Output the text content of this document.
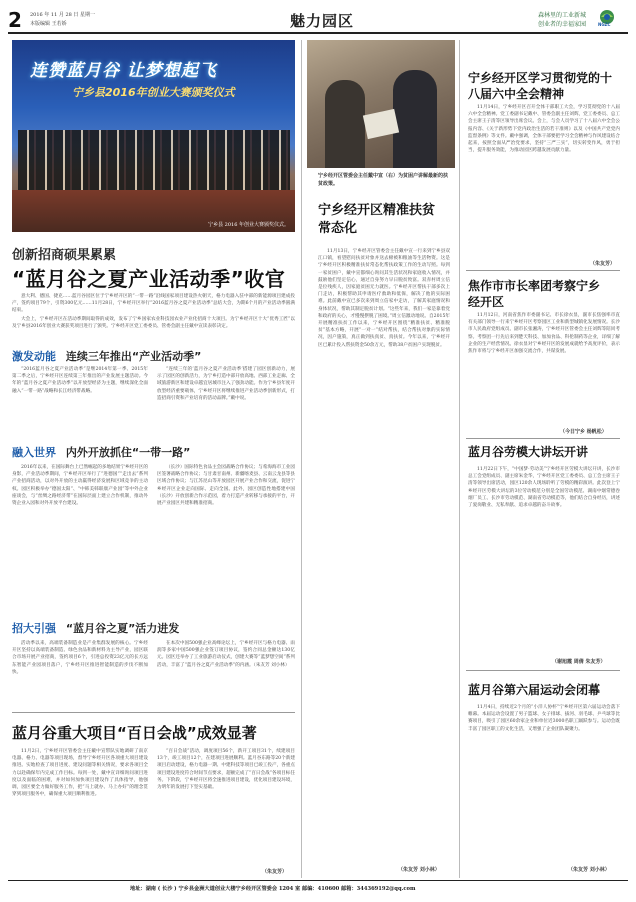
2 2016 年 11 月 28 日 星期一
本版编辑 王若娇	魅力园区	森林里的工业新城
创业者的幸福家园	NGZC
连赞蓝月谷 让梦想起飞
宁乡县2016年创业大赛颁奖仪式
宁乡县 2016 年创业大赛颁奖仪式。
创新招商硕果累累
“蓝月谷之夏产业活动季”收官

意大利、德国、捷克……蓝月谷园区位于宁乡经开区的“一带一路”沿线国家项目建设热火朝天，格力电器入驻中部的新能源项目建成投产，签约项目79个，引资300亿元……11月28日，宁乡经开区举行“2016蓝月谷之夏产业活动季”总结大会，为期6个月的产业活动季圆满结束。

大会上，宁乡经开区在活动季期间取得的成效，发布了宁乡国家农业科技园农业产业化招商十大项目。为宁乡经开区十大“优秀工匠”以及宁乡县2016年创业大赛获奖项目进行了颁奖。宁乡经开区党工委委员、管委会副主任戴中宣读表彰决定。

激发动能 连续三年推出“产业活动季”

“2016蓝月谷之夏产业活动季”是继2014年第一季、2015年第二季之后，宁乡经开区连续第三年推出的产业发展主题活动。今年的“蓝月谷之夏产业活动季”以开放型经济为主题，继续深化全面融入“一带一路”战略和长江经济带战略。

“连续三年的‘蓝月谷之夏产业活动季’搭建了园区创新动力，展示了园区的创新活力，为宁乡打造中部开放高地、西部工业走廊、全域旅游新区和建设卓越宜居城市注入了强劲动能。作为宁乡县年度开放型经济重要载体，宁乡经开区将继续推进产业活动季创新形式，打造招商引资和产业培育的活动品牌。”戴中说。

融入世界 内外开放抓住“一带一路”

2016年以来，在国际舞台上已然崛起的多地结果宁乡经开区的身影，产业活动季期间，宁乡经开区举行了“进德国”“走出去”系列产业招商活动，以对外开放的主动赢得经济发展和区域竞争的主动权。园区积极举办“德国太阳”、“中韩美韩联康产业园”等中外企业座谈会，与“丝绸之路经济带”在国际层面上建立合作机制，推动外资企业入园和对外开放平台建设。

（长沙）国际特色食品主会园战略合作协议；与希海海市工业园区签署战略合作协议；与甘肃甘南州、新疆喀麦县、云南云龙县等县区域合作协议；与江苏昆山等开放园区开展产业合作和交流，促进宁乡经开区企业走向国际、走向全国。此外，园区创造性地搭建中国（长沙）开放创新合作示范园，着力打造产业转移与承接的平台，开展产业园区共建和精准招商。

招大引强 “蓝月谷之夏”活力进发

活动季以来，高端装备制造业是产业集群发展的核心。宁乡经开区坚持以高端装备制造、绿色食品和新材料为主导产业，园区联合市场开展产业招商，签约项目6个，引进总投资23亿元的长方远东智能产业园项目落户，宁乡经开区推进智能制造的步伐不断加快。

在本次中国500强企业高峰论坛上，宁乡经开区与格力电器、雨润等多家中国500强企业签订项目协议，签约合同总金额达130亿元。园区还举办了工业旅游启动仪式，创建大赛等“蓝梦想空间”系列活动，丰富了“蓝月谷之夏产业活动季”的内涵。（朱友芳 刘小林）

蓝月谷重大项目“百日会战”成效显著

11月2日，宁乡经开区管委会主任戴中宣带队实地调研了南京电器、格力、电器等项目现场，督导宁乡经开区各项重大项目建设推进。实地检查了项目进度、建设问题等相关情况，要求各项目全力以赴确保年内完成工作目标。每到一处，戴中宣详细询问项目进度以及面临的困难，并对如何加快项目建设作了具体指导，他强调，园区要全力做好服务工作，把“马上就办、马上办好”的理念贯穿到项目服务中，确保重大项目顺利推进。

“百日会战”活动，调度项目56个，新开工项目31个，续建项目13个，竣工项目12个，在建项目进展顺利。蓝月谷东路等20个新建项目启动建设，格力电器一期、中建科技等项目已竣工投产，各重点项目建设进度符合时间节点要求，超额完成了“百日会战”各项目标任务。下阶段，宁乡经开区将全速推进项目建设，优化项目建设环境，为明年的发展打下坚实基础。

（朱友芳）
宁乡经开区管委会主任戴中宣（右）为贫困户讲解最新的扶贫政策。
宁乡经开区精准扶贫常态化

11月13日，宁乡经开区管委会主任戴中宣一行来到宁乡县双江口镇，看望慰问扶贫对象并送去棉被和粮油等生活物资。这是宁乡经开区积极精准扶贫常态化帮扶政策工作的生动写照。每到一家贫困户，戴中宣都细心询问其生活状况和家庭收入情况，并鼓励他们坚定信心，通过自身努力早日脱贫致富。双赤村周立信是位残疾人，因家庭贫困无力就医。宁乡经开区帮扶干部多次上门走访，积极帮助其申请医疗救助和低保，解决了他的实际困难。此前戴中宣已多次来到周立信家中走访，了解其家庭情况和身体状况，帮助其制定脱贫计划。“这些年来，我们一家是靠着党和政府的关心，才慢慢摆脱了困境。”周立信激动地说。自2015年开展精准扶贫工作以来，宁乡经开区围绕“精准扶贫、精准脱贫”基本方略，开展“一对一”结对帮扶，结合帮扶对象的实际情况，因户施策，真正做到扶真贫、真扶贫。今年以来，宁乡经开区已累计投入帮扶资金50余万元，帮助38户贫困户实现脱贫。

（朱友芳 刘小林）
宁乡经开区学习贯彻党的十八届六中全会精神

11月14日，宁乡经开区召开全体干部职工大会，学习贯彻党的十八届六中全会精神。党工委副书记戴中、管委会副主任刘辉，党工委委员、总工会主席王子清等区领导出席会议。会上，与会人员学习了十八届六中全会公报内容、《关于新形势下党内政治生活的若干准则》以及《中国共产党党内监督条例》等文件。戴中强调，全体干部要把学习全会精神与作风建设结合起来，按照全面从严治党要求，坚持“三严三实”，切实转变作风，勇于担当，提升服务效能，为推动园区跨越发展贡献力量。

（朱友芳）
焦作市市长率团考察宁乡经开区

11月12日，河南省焦作市委副书记、市长徐衣显，副市长焦强率市直有关部门领导一行来宁乡经开区考察园区工业和新型城镇化发展情况。长沙市人民政府党组成员、副市长张湘涛，宁乡经开区管委会主任刘辉等陪同考察。考察团一行先后来到楚天科技、加加食品、科伦制药等企业，详细了解企业的生产经营情况。徐衣显对宁乡经开区的发展成就给予高度评价，表示焦作市将与宁乡经开区加强交流合作，共谋发展。

（今日宁乡 杨帆松）
蓝月谷劳模大讲坛开讲

11月22日下午，“中国梦·劳动美”宁乡经开区劳模大讲坛开讲，长沙市总工会党组成员、副主席朱金华，宁乡经开区党工委委员、总工会主席王子清等领导出席活动，园区120余人现场聆听了劳模的精彩演讲。此次登上宁乡经开区劳模大讲坛的3位劳动模范分别是全国劳动模范、湖南中烟常德卷烟厂员工、长沙市劳动模范、湖南省劳动模范等，他们结合自身经历，讲述了爱岗敬业、无私奉献、追求卓越的奋斗故事。

（谢旭霞 周倩 朱友芳）
蓝月谷第六届运动会闭幕

11月4日，持续近2个月的“小洋人协杯”宁乡经开区第六届运动会落下帷幕。本届运动会设置了男子篮球、女子排球、拔河、羽毛球、乒乓球等比赛项目，吸引了园区60余家企业和单位近3000名职工踊跃参与。运动会既丰富了园区职工的文化生活，又增强了企业团队凝聚力。

（朱友芳 刘小林）
地址：湖南 ( 长沙 ) 宁乡县金洲大道创业大楼宁乡经开区管委会 1204 室 邮编：410600 邮箱：344369192@qq.com
